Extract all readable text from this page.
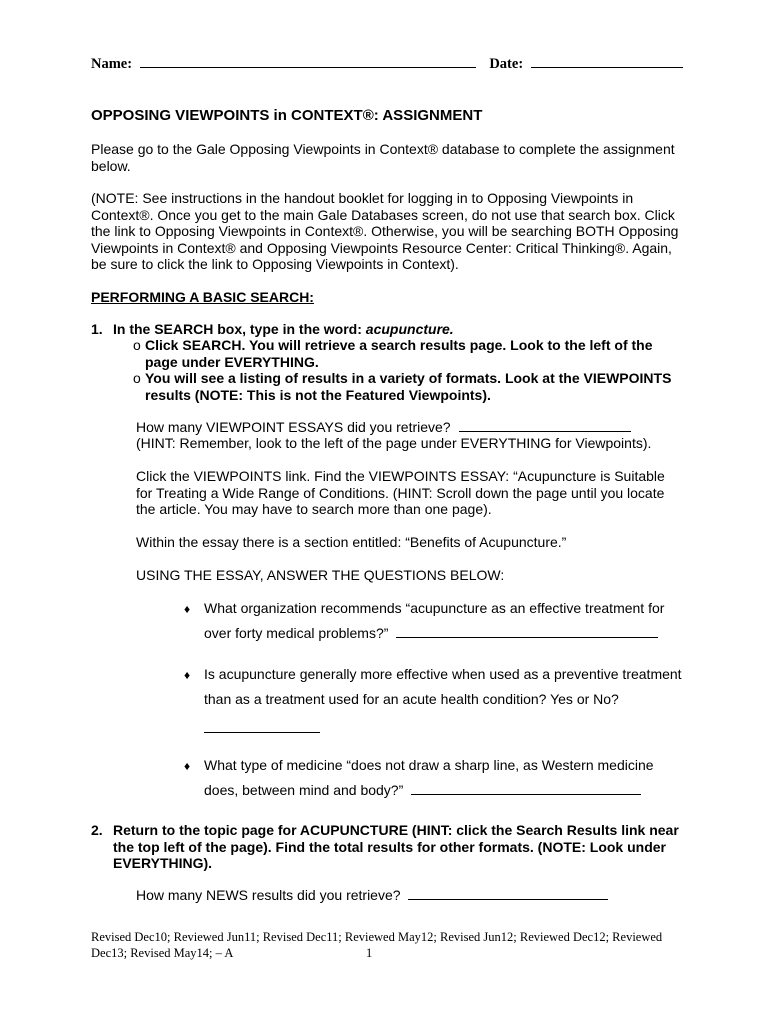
Name:	Date:
OPPOSING VIEWPOINTS in CONTEXT®: ASSIGNMENT
Please go to the Gale Opposing Viewpoints in Context® database to complete the assignment below.
(NOTE: See instructions in the handout booklet for logging in to Opposing Viewpoints in Context®. Once you get to the main Gale Databases screen, do not use that search box. Click the link to Opposing Viewpoints in Context®. Otherwise, you will be searching BOTH Opposing Viewpoints in Context® and Opposing Viewpoints Resource Center: Critical Thinking®. Again, be sure to click the link to Opposing Viewpoints in Context).
PERFORMING A BASIC SEARCH:
1. In the SEARCH box, type in the word: acupuncture.
o Click SEARCH. You will retrieve a search results page. Look to the left of the page under EVERYTHING.
o You will see a listing of results in a variety of formats. Look at the VIEWPOINTS results (NOTE: This is not the Featured Viewpoints).
How many VIEWPOINT ESSAYS did you retrieve?
(HINT: Remember, look to the left of the page under EVERYTHING for Viewpoints).
Click the VIEWPOINTS link. Find the VIEWPOINTS ESSAY: “Acupuncture is Suitable for Treating a Wide Range of Conditions. (HINT: Scroll down the page until you locate the article. You may have to search more than one page).
Within the essay there is a section entitled: “Benefits of Acupuncture.”
USING THE ESSAY, ANSWER THE QUESTIONS BELOW:
♦ What organization recommends “acupuncture as an effective treatment for
over forty medical problems?”
♦ Is acupuncture generally more effective when used as a preventive treatment
than as a treatment used for an acute health condition? Yes or No?
♦ What type of medicine “does not draw a sharp line, as Western medicine
does, between mind and body?”
2. Return to the topic page for ACUPUNCTURE (HINT: click the Search Results link near the top left of the page). Find the total results for other formats. (NOTE: Look under EVERYTHING).
How many NEWS results did you retrieve?
Revised Dec10; Reviewed Jun11; Revised Dec11; Reviewed May12; Revised Jun12; Reviewed Dec12; Reviewed
Dec13; Revised May14; – A	1
